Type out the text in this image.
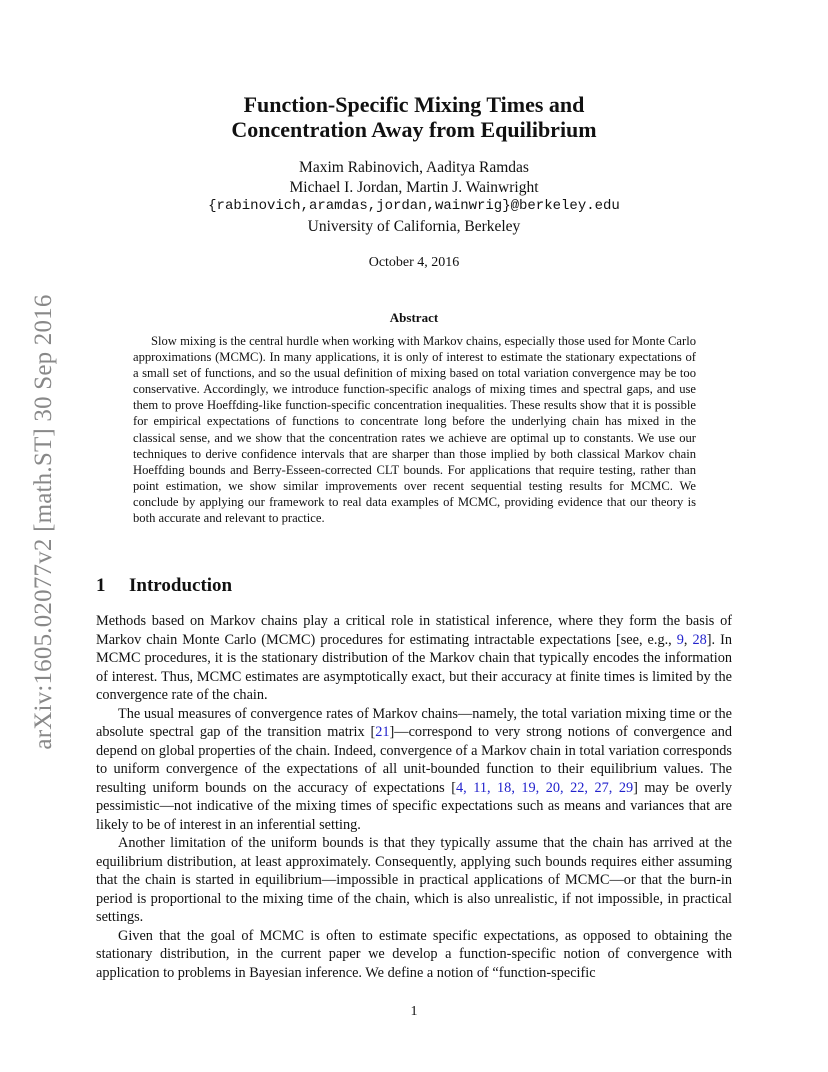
arXiv:1605.02077v2 [math.ST] 30 Sep 2016
Function-Specific Mixing Times and
Concentration Away from Equilibrium
Maxim Rabinovich, Aaditya Ramdas
Michael I. Jordan, Martin J. Wainwright
{rabinovich,aramdas,jordan,wainwrig}@berkeley.edu
University of California, Berkeley
October 4, 2016
Abstract

Slow mixing is the central hurdle when working with Markov chains, especially those used for Monte Carlo approximations (MCMC). In many applications, it is only of interest to estimate the stationary expectations of a small set of functions, and so the usual definition of mixing based on total variation convergence may be too conservative. Accordingly, we introduce function-specific analogs of mixing times and spectral gaps, and use them to prove Hoeffding-like function-specific concentration inequalities. These results show that it is possible for empirical expectations of functions to concentrate long before the underlying chain has mixed in the classical sense, and we show that the concentration rates we achieve are optimal up to constants. We use our techniques to derive confidence intervals that are sharper than those implied by both classical Markov chain Hoeffding bounds and Berry-Esseen-corrected CLT bounds. For applications that require testing, rather than point estimation, we show similar improvements over recent sequential testing results for MCMC. We conclude by applying our framework to real data examples of MCMC, providing evidence that our theory is both accurate and relevant to practice.

1 Introduction

Methods based on Markov chains play a critical role in statistical inference, where they form the basis of Markov chain Monte Carlo (MCMC) procedures for estimating intractable expectations [see, e.g., 9, 28]. In MCMC procedures, it is the stationary distribution of the Markov chain that typically encodes the information of interest. Thus, MCMC estimates are asymptotically exact, but their accuracy at finite times is limited by the convergence rate of the chain.

The usual measures of convergence rates of Markov chains—namely, the total variation mixing time or the absolute spectral gap of the transition matrix [21]—correspond to very strong notions of convergence and depend on global properties of the chain. Indeed, convergence of a Markov chain in total variation corresponds to uniform convergence of the expectations of all unit-bounded function to their equilibrium values. The resulting uniform bounds on the accuracy of expectations [4, 11, 18, 19, 20, 22, 27, 29] may be overly pessimistic—not indicative of the mixing times of specific expectations such as means and variances that are likely to be of interest in an inferential setting.

Another limitation of the uniform bounds is that they typically assume that the chain has arrived at the equilibrium distribution, at least approximately. Consequently, applying such bounds requires either assuming that the chain is started in equilibrium—impossible in practical applications of MCMC—or that the burn-in period is proportional to the mixing time of the chain, which is also unrealistic, if not impossible, in practical settings.

Given that the goal of MCMC is often to estimate specific expectations, as opposed to obtaining the stationary distribution, in the current paper we develop a function-specific notion of convergence with application to problems in Bayesian inference. We define a notion of “function-specific

1
